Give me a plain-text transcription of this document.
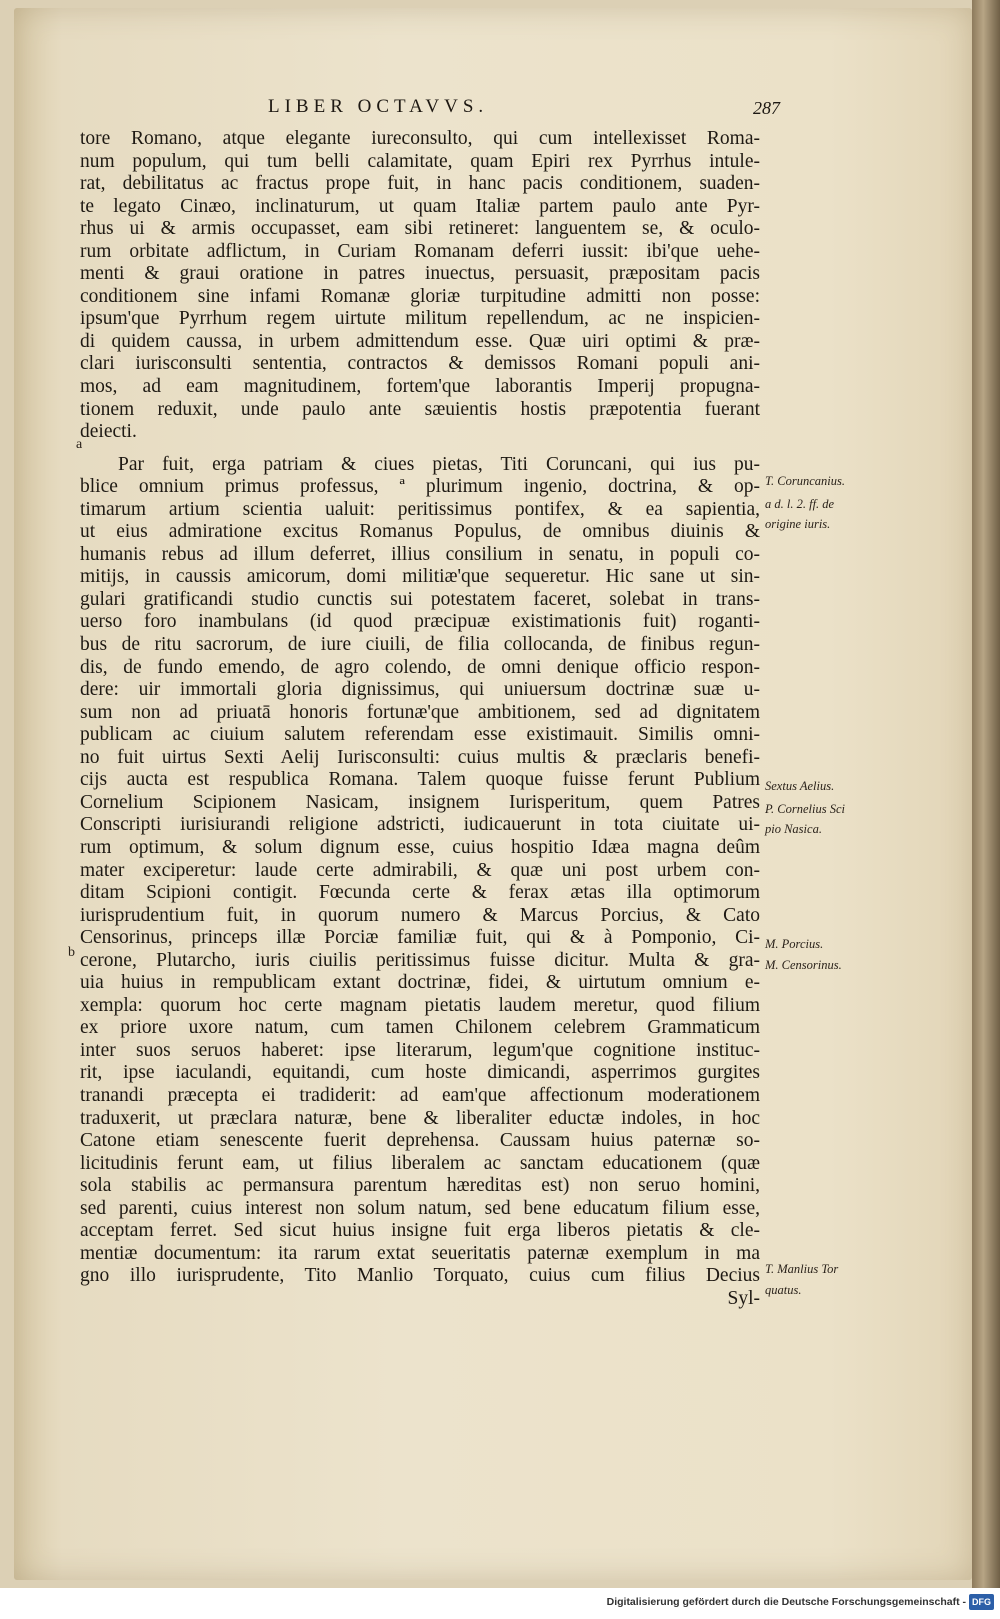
LIBER OCTAVVS.	287
tore Romano, atque elegante iureconsulto, qui cum intellexisset Roma-
num populum, qui tum belli calamitate, quam Epiri rex Pyrrhus intule-
rat, debilitatus ac fractus prope fuit, in hanc pacis conditionem, suaden-
te legato Cinæo, inclinaturum, ut quam Italiæ partem paulo ante Pyr-
rhus ui & armis occupasset, eam sibi retineret: languentem se, & oculo-
rum orbitate adflictum, in Curiam Romanam deferri iussit: ibi'que uehe-
menti & graui oratione in patres inuectus, persuasit, præpositam pacis
conditionem sine infami Romanæ gloriæ turpitudine admitti non posse:
ipsum'que Pyrrhum regem uirtute militum repellendum, ac ne inspicien-
di quidem caussa, in urbem admittendum esse. Quæ uiri optimi & præ-
clari iurisconsulti sententia, contractos & demissos Romani populi ani-
mos, ad eam magnitudinem, fortem'que laborantis Imperij propugna-
tionem reduxit, unde paulo ante sæuientis hostis præpotentia fuerant
deiecti.
Par fuit, erga patriam & ciues pietas, Titi Coruncani, qui ius pu-
blice omnium primus professus, ª plurimum ingenio, doctrina, & op-
timarum artium scientia ualuit: peritissimus pontifex, & ea sapientia,
ut eius admiratione excitus Romanus Populus, de omnibus diuinis &
humanis rebus ad illum deferret, illius consilium in senatu, in populi co-
mitijs, in caussis amicorum, domi militiæ'que sequeretur. Hic sane ut sin-
gulari gratificandi studio cunctis sui potestatem faceret, solebat in trans-
uerso foro inambulans (id quod præcipuæ existimationis fuit) roganti-
bus de ritu sacrorum, de iure ciuili, de filia collocanda, de finibus regun-
dis, de fundo emendo, de agro colendo, de omni denique officio respon-
dere: uir immortali gloria dignissimus, qui uniuersum doctrinæ suæ u-
sum non ad priuatā honoris fortunæ'que ambitionem, sed ad dignitatem
publicam ac ciuium salutem referendam esse existimauit. Similis omni-
no fuit uirtus Sexti Aelij Iurisconsulti: cuius multis & præclaris benefi-
cijs aucta est respublica Romana. Talem quoque fuisse ferunt Publium
Cornelium Scipionem Nasicam, insignem Iurisperitum, quem Patres
Conscripti iurisiurandi religione adstricti, iudicauerunt in tota ciuitate ui-
rum optimum, & solum dignum esse, cuius hospitio Idæa magna deûm
mater exciperetur: laude certe admirabili, & quæ uni post urbem con-
ditam Scipioni contigit. Fœcunda certe & ferax ætas illa optimorum
iurisprudentium fuit, in quorum numero & Marcus Porcius, & Cato
Censorinus, princeps illæ Porciæ familiæ fuit, qui & à Pomponio, Ci-
cerone, Plutarcho, iuris ciuilis peritissimus fuisse dicitur. Multa & gra-
uia huius in rempublicam extant doctrinæ, fidei, & uirtutum omnium e-
xempla: quorum hoc certe magnam pietatis laudem meretur, quod filium
ex priore uxore natum, cum tamen Chilonem celebrem Grammaticum
inter suos seruos haberet: ipse literarum, legum'que cognitione instituc-
rit, ipse iaculandi, equitandi, cum hoste dimicandi, asperrimos gurgites
tranandi præcepta ei tradiderit: ad eam'que affectionum moderationem
traduxerit, ut præclara naturæ, bene & liberaliter eductæ indoles, in hoc
Catone etiam senescente fuerit deprehensa. Caussam huius paternæ so-
licitudinis ferunt eam, ut filius liberalem ac sanctam educationem (quæ
sola stabilis ac permansura parentum hæreditas est) non seruo homini,
sed parenti, cuius interest non solum natum, sed bene educatum filium esse,
acceptam ferret. Sed sicut huius insigne fuit erga liberos pietatis & cle-
mentiæ documentum: ita rarum extat seueritatis paternæ exemplum in ma
gno illo iurisprudente, Tito Manlio Torquato, cuius cum filius Decius
Syl-
a
b
T. Coruncanius.
a d. l. 2. ff. de
origine iuris.
Sextus Aelius.
P. Cornelius Sci
pio Nasica.
M. Porcius.
M. Censorinus.
T. Manlius Tor
quatus.
Digitalisierung gefördert durch die Deutsche Forschungsgemeinschaft - DFG
